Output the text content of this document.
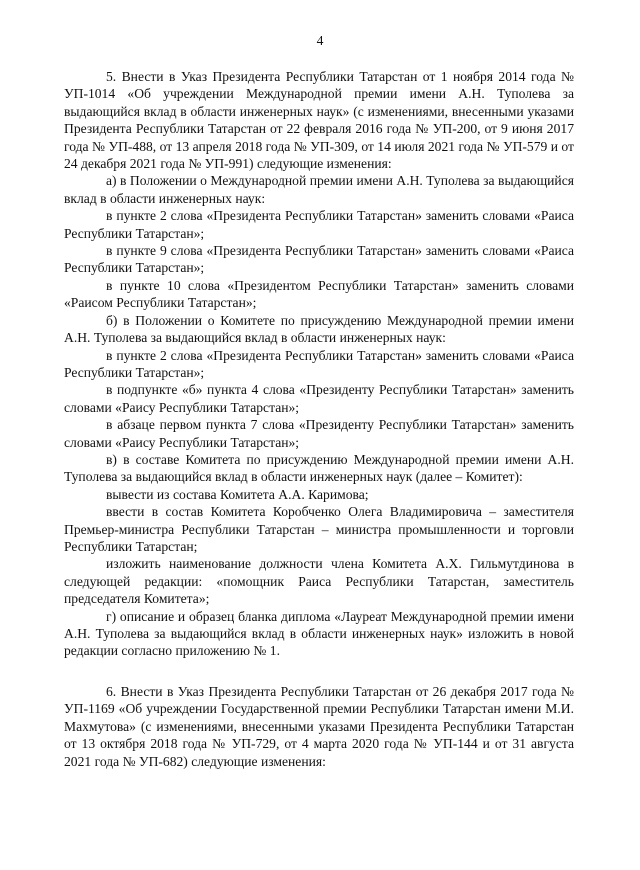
4

5. Внести в Указ Президента Республики Татарстан от 1 ноября 2014 года № УП-1014 «Об учреждении Международной премии имени А.Н. Туполева за выдающийся вклад в области инженерных наук» (с изменениями, внесенными указами Президента Республики Татарстан от 22 февраля 2016 года № УП-200, от 9 июня 2017 года № УП-488, от 13 апреля 2018 года № УП-309, от 14 июля 2021 года № УП-579 и от 24 декабря 2021 года № УП-991) следующие изменения:

а) в Положении о Международной премии имени А.Н. Туполева за выдающийся вклад в области инженерных наук:

в пункте 2 слова «Президента Республики Татарстан» заменить словами «Раиса Республики Татарстан»;

в пункте 9 слова «Президента Республики Татарстан» заменить словами «Раиса Республики Татарстан»;

в пункте 10 слова «Президентом Республики Татарстан» заменить словами «Раисом Республики Татарстан»;

б) в Положении о Комитете по присуждению Международной премии имени А.Н. Туполева за выдающийся вклад в области инженерных наук:

в пункте 2 слова «Президента Республики Татарстан» заменить словами «Раиса Республики Татарстан»;

в подпункте «б» пункта 4 слова «Президенту Республики Татарстан» заменить словами «Раису Республики Татарстан»;

в абзаце первом пункта 7 слова «Президенту Республики Татарстан» заменить словами «Раису Республики Татарстан»;

в) в составе Комитета по присуждению Международной премии имени А.Н. Туполева за выдающийся вклад в области инженерных наук (далее – Комитет):

вывести из состава Комитета А.А. Каримова;

ввести в состав Комитета Коробченко Олега Владимировича – заместителя Премьер-министра Республики Татарстан – министра промышленности и торговли Республики Татарстан;

изложить наименование должности члена Комитета А.Х. Гильмутдинова в следующей редакции: «помощник Раиса Республики Татарстан, заместитель председателя Комитета»;

г) описание и образец бланка диплома «Лауреат Международной премии имени А.Н. Туполева за выдающийся вклад в области инженерных наук» изложить в новой редакции согласно приложению № 1.

6. Внести в Указ Президента Республики Татарстан от 26 декабря 2017 года № УП-1169 «Об учреждении Государственной премии Республики Татарстан имени М.И. Махмутова» (с изменениями, внесенными указами Президента Республики Татарстан от 13 октября 2018 года № УП-729, от 4 марта 2020 года № УП-144 и от 31 августа 2021 года № УП-682) следующие изменения:
